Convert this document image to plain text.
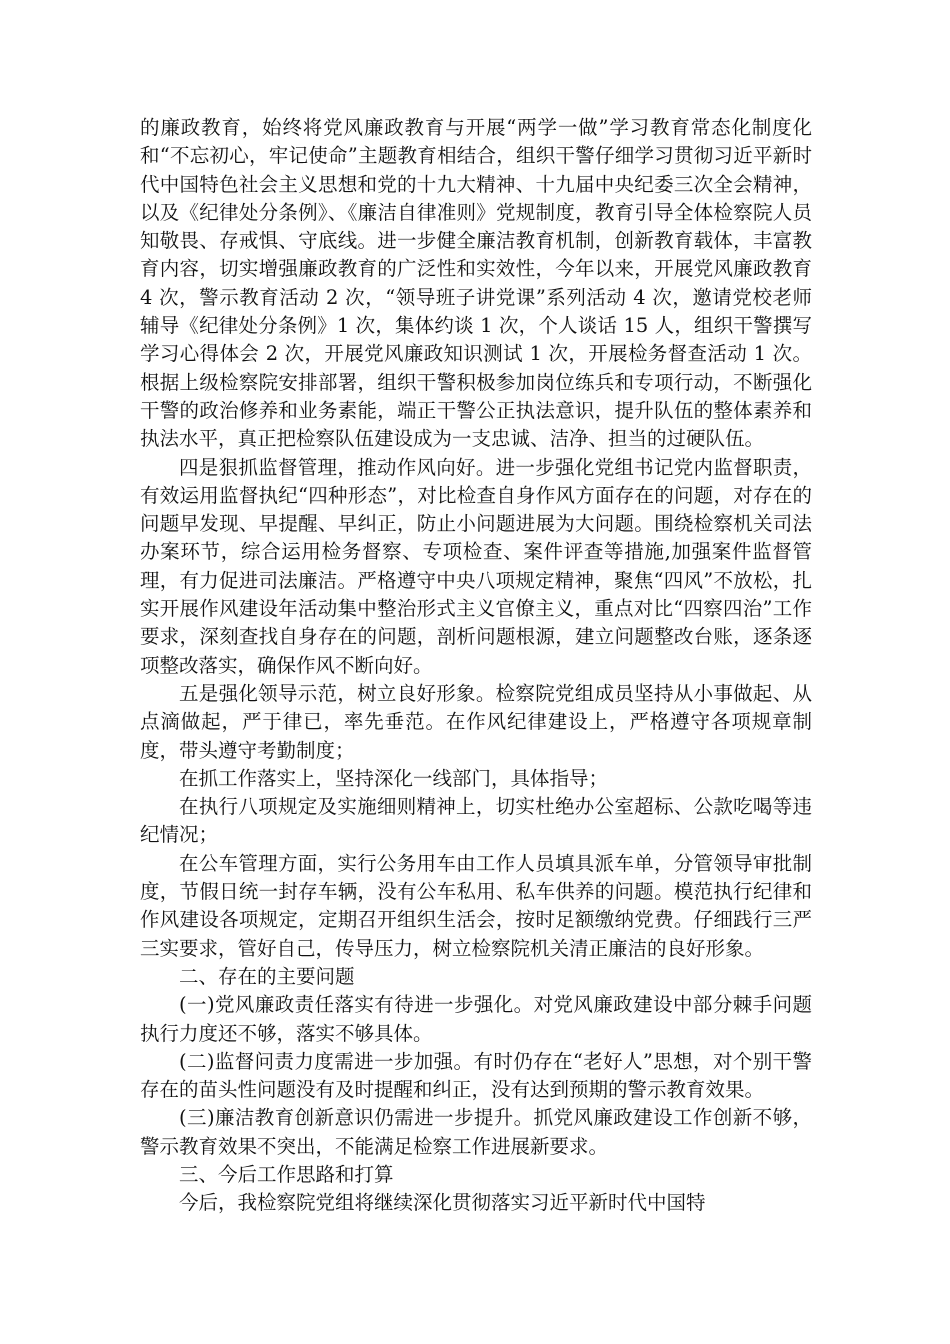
的廉政教育，始终将党风廉政教育与开展“两学一做”学习教育常态化制度化和“不忘初心，牢记使命”主题教育相结合，组织干警仔细学习贯彻习近平新时代中国特色社会主义思想和党的十九大精神、十九届中央纪委三次全会精神，以及《纪律处分条例》、《廉洁自律准则》党规制度，教育引导全体检察院人员知敬畏、存戒惧、守底线。进一步健全廉洁教育机制，创新教育载体，丰富教育内容，切实增强廉政教育的广泛性和实效性，今年以来，开展党风廉政教育 4 次，警示教育活动 2 次，“领导班子讲党课”系列活动 4 次，邀请党校老师辅导《纪律处分条例》1 次，集体约谈 1 次，个人谈话 15 人，组织干警撰写学习心得体会 2 次，开展党风廉政知识测试 1 次，开展检务督查活动 1 次。根据上级检察院安排部署，组织干警积极参加岗位练兵和专项行动，不断强化干警的政治修养和业务素能，端正干警公正执法意识，提升队伍的整体素养和执法水平，真正把检察队伍建设成为一支忠诚、洁净、担当的过硬队伍。

四是狠抓监督管理，推动作风向好。进一步强化党组书记党内监督职责，有效运用监督执纪“四种形态”，对比检查自身作风方面存在的问题，对存在的问题早发现、早提醒、早纠正，防止小问题进展为大问题。围绕检察机关司法办案环节，综合运用检务督察、专项检查、案件评查等措施,加强案件监督管理，有力促进司法廉洁。严格遵守中央八项规定精神，聚焦“四风”不放松，扎实开展作风建设年活动集中整治形式主义官僚主义，重点对比“四察四治”工作要求，深刻查找自身存在的问题，剖析问题根源，建立问题整改台账，逐条逐项整改落实，确保作风不断向好。

五是强化领导示范，树立良好形象。检察院党组成员坚持从小事做起、从点滴做起，严于律已，率先垂范。在作风纪律建设上，严格遵守各项规章制度，带头遵守考勤制度；

在抓工作落实上，坚持深化一线部门，具体指导；

在执行八项规定及实施细则精神上，切实杜绝办公室超标、公款吃喝等违纪情况；

在公车管理方面，实行公务用车由工作人员填具派车单，分管领导审批制度，节假日统一封存车辆，没有公车私用、私车供养的问题。模范执行纪律和作风建设各项规定，定期召开组织生活会，按时足额缴纳党费。仔细践行三严三实要求，管好自己，传导压力，树立检察院机关清正廉洁的良好形象。

二、存在的主要问题

(一)党风廉政责任落实有待进一步强化。对党风廉政建设中部分棘手问题执行力度还不够，落实不够具体。

(二)监督问责力度需进一步加强。有时仍存在“老好人”思想，对个别干警存在的苗头性问题没有及时提醒和纠正，没有达到预期的警示教育效果。

(三)廉洁教育创新意识仍需进一步提升。抓党风廉政建设工作创新不够，警示教育效果不突出，不能满足检察工作进展新要求。

三、今后工作思路和打算

今后，我检察院党组将继续深化贯彻落实习近平新时代中国特
